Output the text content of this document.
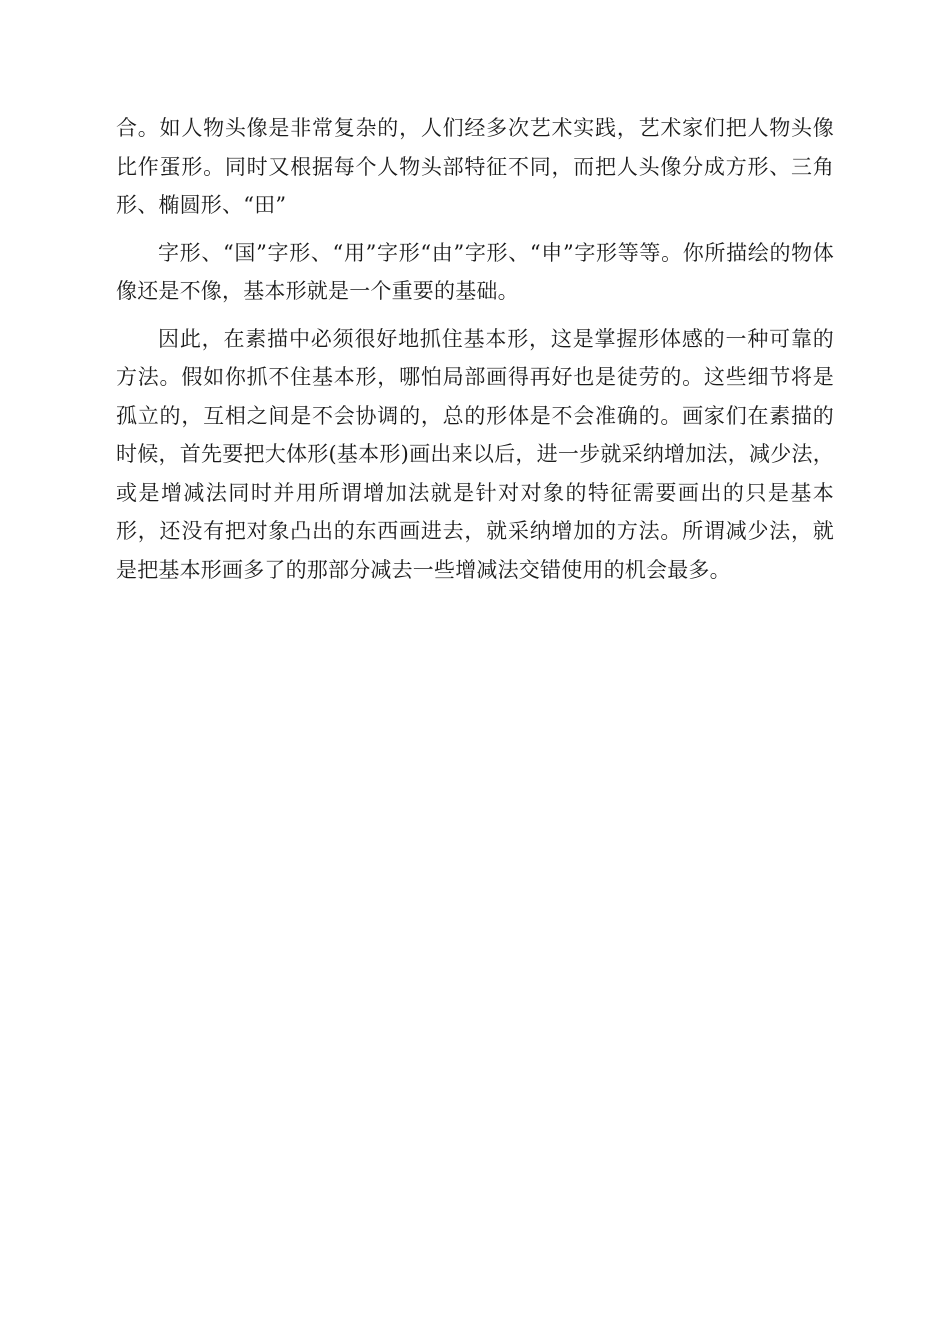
合。如人物头像是非常复杂的，人们经多次艺术实践，艺术家们把人物头像比作蛋形。同时又根据每个人物头部特征不同，而把人头像分成方形、三角形、椭圆形、“田”

字形、“国”字形、“用”字形“由”字形、“申”字形等等。你所描绘的物体像还是不像，基本形就是一个重要的基础。

因此，在素描中必须很好地抓住基本形，这是掌握形体感的一种可靠的方法。假如你抓不住基本形，哪怕局部画得再好也是徒劳的。这些细节将是孤立的，互相之间是不会协调的，总的形体是不会准确的。画家们在素描的时候，首先要把大体形(基本形)画出来以后，进一步就采纳增加法，减少法，或是增减法同时并用所谓增加法就是针对对象的特征需要画出的只是基本形，还没有把对象凸出的东西画进去，就采纳增加的方法。所谓减少法，就是把基本形画多了的那部分减去一些增减法交错使用的机会最多。
